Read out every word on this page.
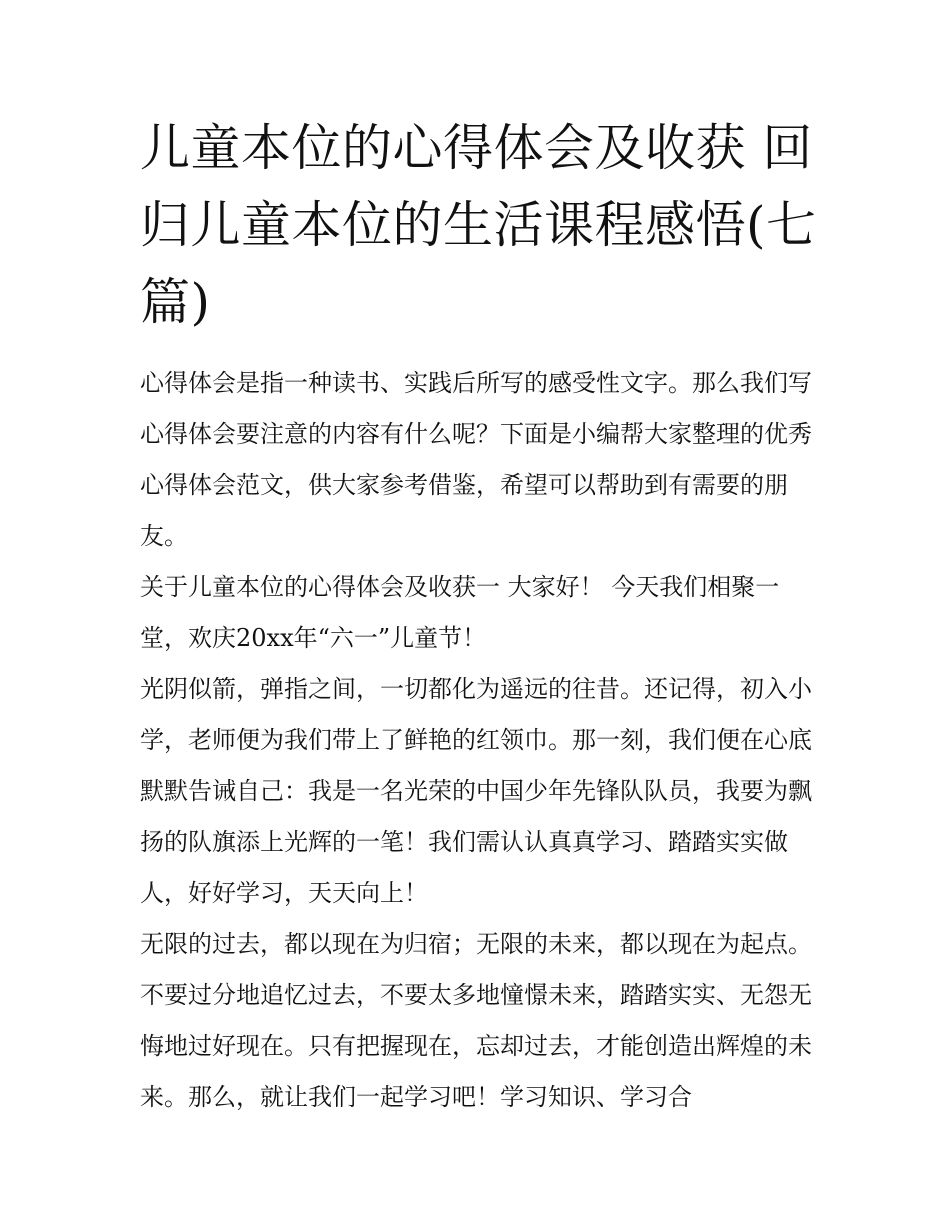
儿童本位的心得体会及收获 回归儿童本位的生活课程感悟(七篇)

心得体会是指一种读书、实践后所写的感受性文字。那么我们写心得体会要注意的内容有什么呢？下面是小编帮大家整理的优秀心得体会范文，供大家参考借鉴，希望可以帮助到有需要的朋友。

关于儿童本位的心得体会及收获一 大家好！ 今天我们相聚一堂，欢庆20xx年“六一”儿童节！

光阴似箭，弹指之间，一切都化为遥远的往昔。还记得，初入小学，老师便为我们带上了鲜艳的红领巾。那一刻，我们便在心底默默告诫自己：我是一名光荣的中国少年先锋队队员，我要为飘扬的队旗添上光辉的一笔！我们需认认真真学习、踏踏实实做人，好好学习，天天向上！

无限的过去，都以现在为归宿；无限的未来，都以现在为起点。不要过分地追忆过去，不要太多地憧憬未来，踏踏实实、无怨无悔地过好现在。只有把握现在，忘却过去，才能创造出辉煌的未来。那么，就让我们一起学习吧！学习知识、学习合
